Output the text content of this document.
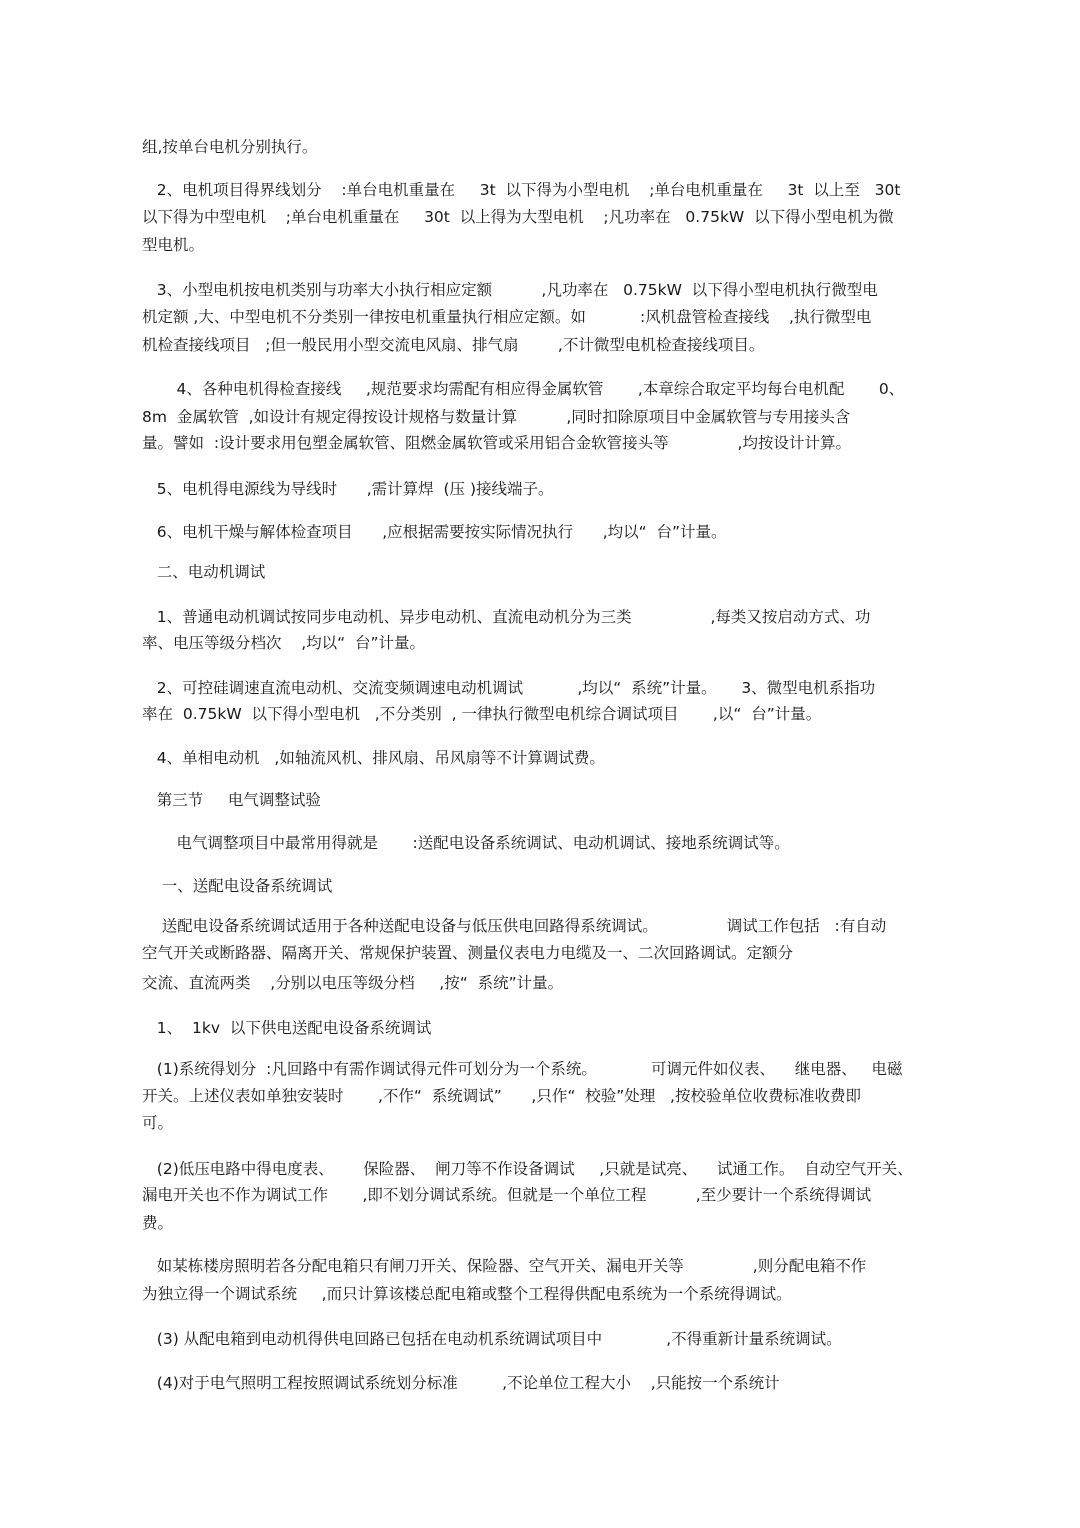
组,按单台电机分别执行。
2、电机项目得界线划分    :单台电机重量在     3t  以下得为小型电机    ;单台电机重量在     3t  以上至   30t
以下得为中型电机    ;单台电机重量在     30t  以上得为大型电机    ;凡功率在   0.75kW  以下得小型电机为微
型电机。
3、小型电机按电机类别与功率大小执行相应定额          ,凡功率在   0.75kW  以下得小型电机执行微型电
机定额 ,大、中型电机不分类别一律按电机重量执行相应定额。如           :风机盘管检查接线    ,执行微型电
机检查接线项目   ;但一般民用小型交流电风扇、排气扇        ,不计微型电机检查接线项目。
4、各种电机得检查接线     ,规范要求均需配有相应得金属软管       ,本章综合取定平均每台电机配       0、
8m  金属软管  ,如设计有规定得按设计规格与数量计算          ,同时扣除原项目中金属软管与专用接头含
量。譬如  :设计要求用包塑金属软管、阻燃金属软管或采用铝合金软管接头等              ,均按设计计算。
5、电机得电源线为导线时      ,需计算焊  (压 )接线端子。
6、电机干燥与解体检查项目      ,应根据需要按实际情况执行      ,均以“  台”计量。
二、电动机调试
1、普通电动机调试按同步电动机、异步电动机、直流电动机分为三类                ,每类又按启动方式、功
率、电压等级分档次    ,均以“  台”计量。
2、可控硅调速直流电动机、交流变频调速电动机调试           ,均以“  系统”计量。     3、微型电机系指功
率在  0.75kW  以下得小型电机   ,不分类别  , 一律执行微型电机综合调试项目       ,以“  台”计量。
4、单相电动机   ,如轴流风机、排风扇、吊风扇等不计算调试费。
第三节     电气调整试验
电气调整项目中最常用得就是       :送配电设备系统调试、电动机调试、接地系统调试等。
一、送配电设备系统调试
送配电设备系统调试适用于各种送配电设备与低压供电回路得系统调试。              调试工作包括   :有自动
空气开关或断路器、隔离开关、常规保护装置、测量仪表电力电缆及一、二次回路调试。定额分
交流、直流两类    ,分别以电压等级分档     ,按“  系统”计量。
1、  1kv  以下供电送配电设备系统调试
(1)系统得划分  :凡回路中有需作调试得元件可划分为一个系统。           可调元件如仪表、    继电器、   电磁
开关。上述仪表如单独安装时       ,不作“  系统调试”      ,只作“  校验”处理   ,按校验单位收费标准收费即
可。
(2)低压电路中得电度表、      保险器、  闸刀等不作设备调试     ,只就是试亮、    试通工作。  自动空气开关、
漏电开关也不作为调试工作       ,即不划分调试系统。但就是一个单位工程          ,至少要计一个系统得调试
费。
如某栋楼房照明若各分配电箱只有闸刀开关、保险器、空气开关、漏电开关等              ,则分配电箱不作
为独立得一个调试系统     ,而只计算该楼总配电箱或整个工程得供配电系统为一个系统得调试。
(3) 从配电箱到电动机得供电回路已包括在电动机系统调试项目中             ,不得重新计量系统调试。
(4)对于电气照明工程按照调试系统划分标准         ,不论单位工程大小    ,只能按一个系统计
